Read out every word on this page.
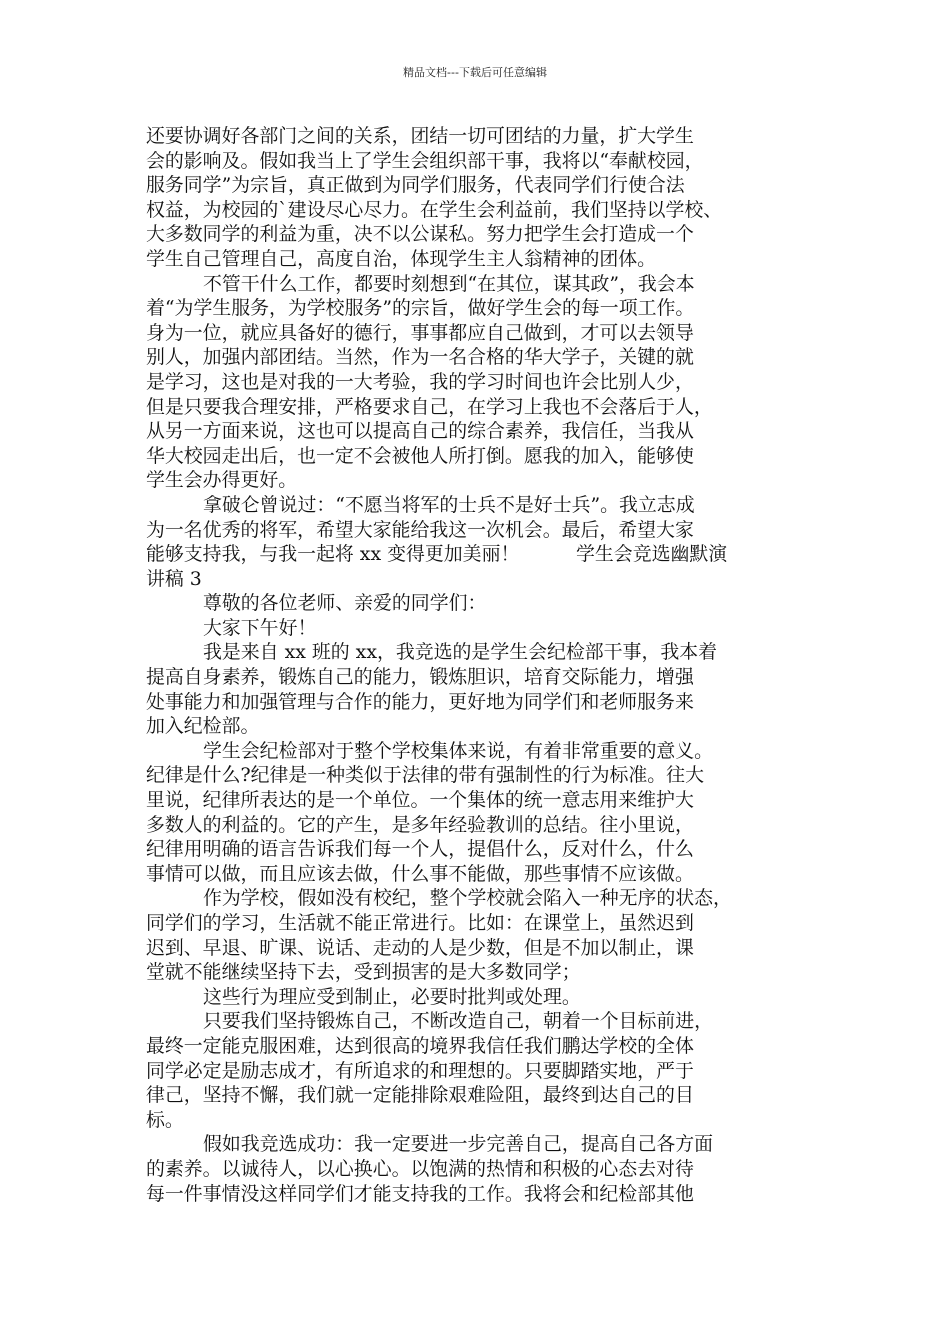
精品文档---下载后可任意编辑
还要协调好各部门之间的关系，团结一切可团结的力量，扩大学生
会的影响及。假如我当上了学生会组织部干事，我将以“奉献校园，
服务同学”为宗旨，真正做到为同学们服务，代表同学们行使合法
权益，为校园的`建设尽心尽力。在学生会利益前，我们坚持以学校、
大多数同学的利益为重，决不以公谋私。努力把学生会打造成一个
学生自己管理自己，高度自治，体现学生主人翁精神的团体。
不管干什么工作，都要时刻想到“在其位，谋其政”，我会本
着“为学生服务，为学校服务”的宗旨，做好学生会的每一项工作。
身为一位，就应具备好的德行，事事都应自己做到，才可以去领导
别人，加强内部团结。当然，作为一名合格的华大学子，关键的就
是学习，这也是对我的一大考验，我的学习时间也许会比别人少，
但是只要我合理安排，严格要求自己，在学习上我也不会落后于人，
从另一方面来说，这也可以提高自己的综合素养，我信任，当我从
华大校园走出后，也一定不会被他人所打倒。愿我的加入，能够使
学生会办得更好。
拿破仑曾说过：“不愿当将军的士兵不是好士兵”。我立志成
为一名优秀的将军，希望大家能给我这一次机会。最后，希望大家
能够支持我，与我一起将 xx 变得更加美丽！　　　学生会竞选幽默演
讲稿 3
尊敬的各位老师、亲爱的同学们：
大家下午好！
我是来自 xx 班的 xx，我竞选的是学生会纪检部干事，我本着
提高自身素养，锻炼自己的能力，锻炼胆识，培育交际能力，增强
处事能力和加强管理与合作的能力，更好地为同学们和老师服务来
加入纪检部。
学生会纪检部对于整个学校集体来说，有着非常重要的意义。
纪律是什么?纪律是一种类似于法律的带有强制性的行为标准。往大
里说，纪律所表达的是一个单位。一个集体的统一意志用来维护大
多数人的利益的。它的产生，是多年经验教训的总结。往小里说，
纪律用明确的语言告诉我们每一个人，提倡什么，反对什么，什么
事情可以做，而且应该去做，什么事不能做，那些事情不应该做。
作为学校，假如没有校纪，整个学校就会陷入一种无序的状态，
同学们的学习，生活就不能正常进行。比如：在课堂上，虽然迟到
迟到、早退、旷课、说话、走动的人是少数，但是不加以制止，课
堂就不能继续坚持下去，受到损害的是大多数同学；
这些行为理应受到制止，必要时批判或处理。
只要我们坚持锻炼自己，不断改造自己，朝着一个目标前进，
最终一定能克服困难，达到很高的境界我信任我们鹏达学校的全体
同学必定是励志成才，有所追求的和理想的。只要脚踏实地，严于
律己，坚持不懈，我们就一定能排除艰难险阻，最终到达自己的目
标。
假如我竞选成功：我一定要进一步完善自己，提高自己各方面
的素养。以诚待人，以心换心。以饱满的热情和积极的心态去对待
每一件事情没这样同学们才能支持我的工作。我将会和纪检部其他
